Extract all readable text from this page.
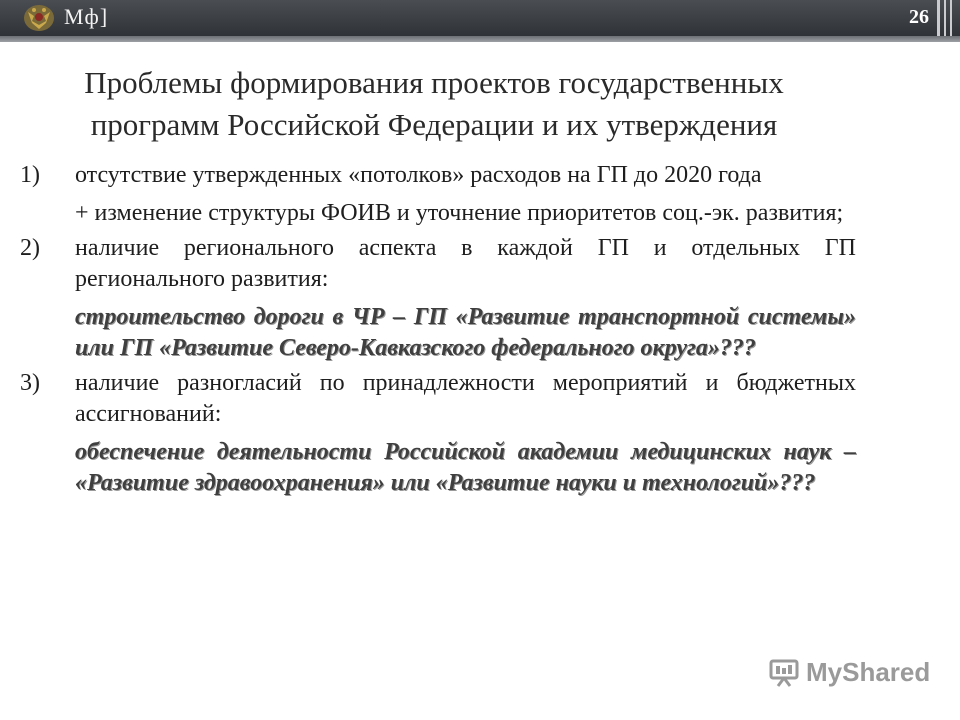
Мф]	26
Проблемы формирования проектов государственных
программ Российской Федерации и их утверждения
1) отсутствие утвержденных «потолков» расходов на ГП до 2020 года

+ изменение структуры ФОИВ и уточнение приоритетов соц.-эк. развития;

2) наличие регионального аспекта в каждой ГП и отдельных ГП регионального развития:

строительство дороги в ЧР – ГП «Развитие транспортной системы» или ГП «Развитие Северо-Кавказского федерального округа»???

3) наличие разногласий по принадлежности мероприятий и бюджетных ассигнований:

обеспечение деятельности Российской академии медицинских наук – «Развитие здравоохранения» или «Развитие науки и технологий»???

MyShared
